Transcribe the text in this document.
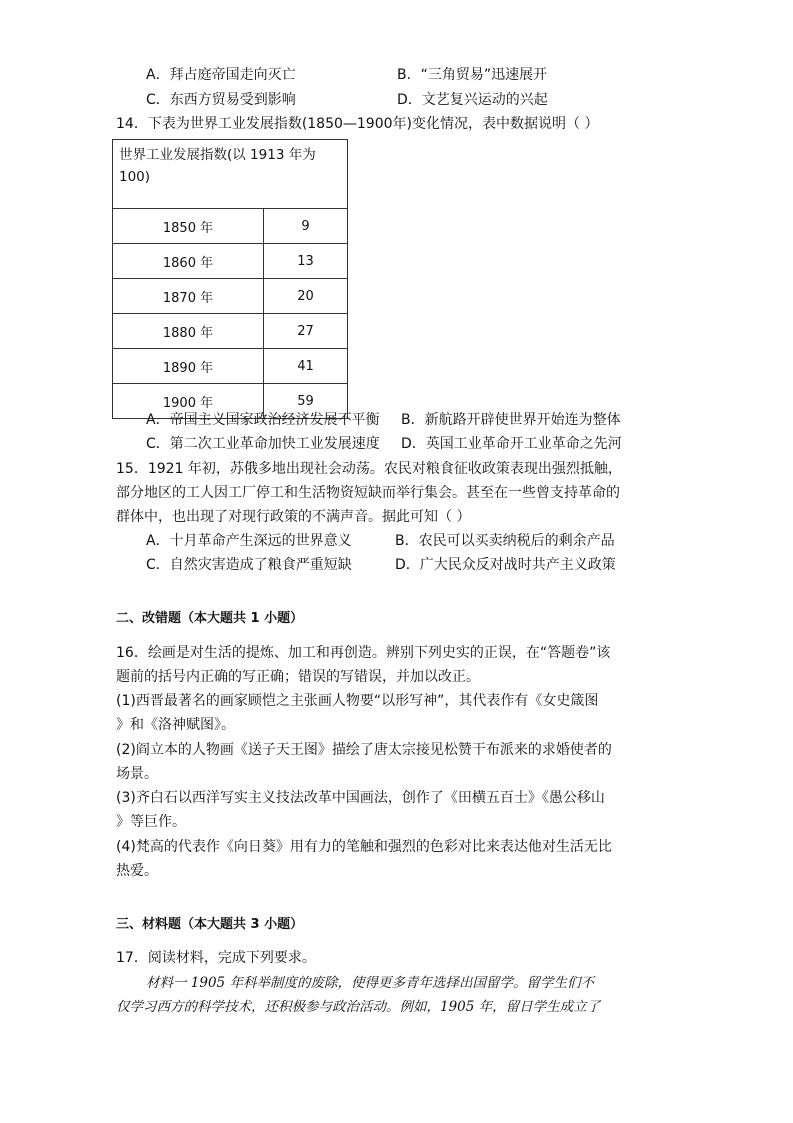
A．拜占庭帝国走向灭亡	B．“三角贸易”迅速展开
C．东西方贸易受到影响	D．文艺复兴运动的兴起
14．下表为世界工业发展指数(1850—1900年)变化情况，表中数据说明（ ）
世界工业发展指数(以 1913 年为 100)	
1850 年	9
1860 年	13
1870 年	20
1880 年	27
1890 年	41
1900 年	59
A．帝国主义国家政治经济发展不平衡 B．新航路开辟使世界开始连为整体
C．第二次工业革命加快工业发展速度 D．英国工业革命开工业革命之先河
15．1921 年初，苏俄多地出现社会动荡。农民对粮食征收政策表现出强烈抵触，
部分地区的工人因工厂停工和生活物资短缺而举行集会。甚至在一些曾支持革命的
群体中，也出现了对现行政策的不满声音。据此可知（ ）
A．十月革命产生深远的世界意义	B．农民可以买卖纳税后的剩余产品
C．自然灾害造成了粮食严重短缺	D．广大民众反对战时共产主义政策
二、改错题（本大题共 1 小题）
16．绘画是对生活的提炼、加工和再创造。辨别下列史实的正误，在“答题卷”该
题前的括号内正确的写正确；错误的写错误，并加以改正。
(1)西晋最著名的画家顾恺之主张画人物要“以形写神”，其代表作有《女史箴图
》和《洛神赋图》。
(2)阎立本的人物画《送子天王图》描绘了唐太宗接见松赞干布派来的求婚使者的
场景。
(3)齐白石以西洋写实主义技法改革中国画法，创作了《田横五百士》《愚公移山
》等巨作。
(4)梵高的代表作《向日葵》用有力的笔触和强烈的色彩对比来表达他对生活无比
热爱。
三、材料题（本大题共 3 小题）
17．阅读材料，完成下列要求。
材料一 1905 年科举制度的废除，使得更多青年选择出国留学。留学生们不
仅学习西方的科学技术，还积极参与政治活动。例如，1905 年，留日学生成立了
